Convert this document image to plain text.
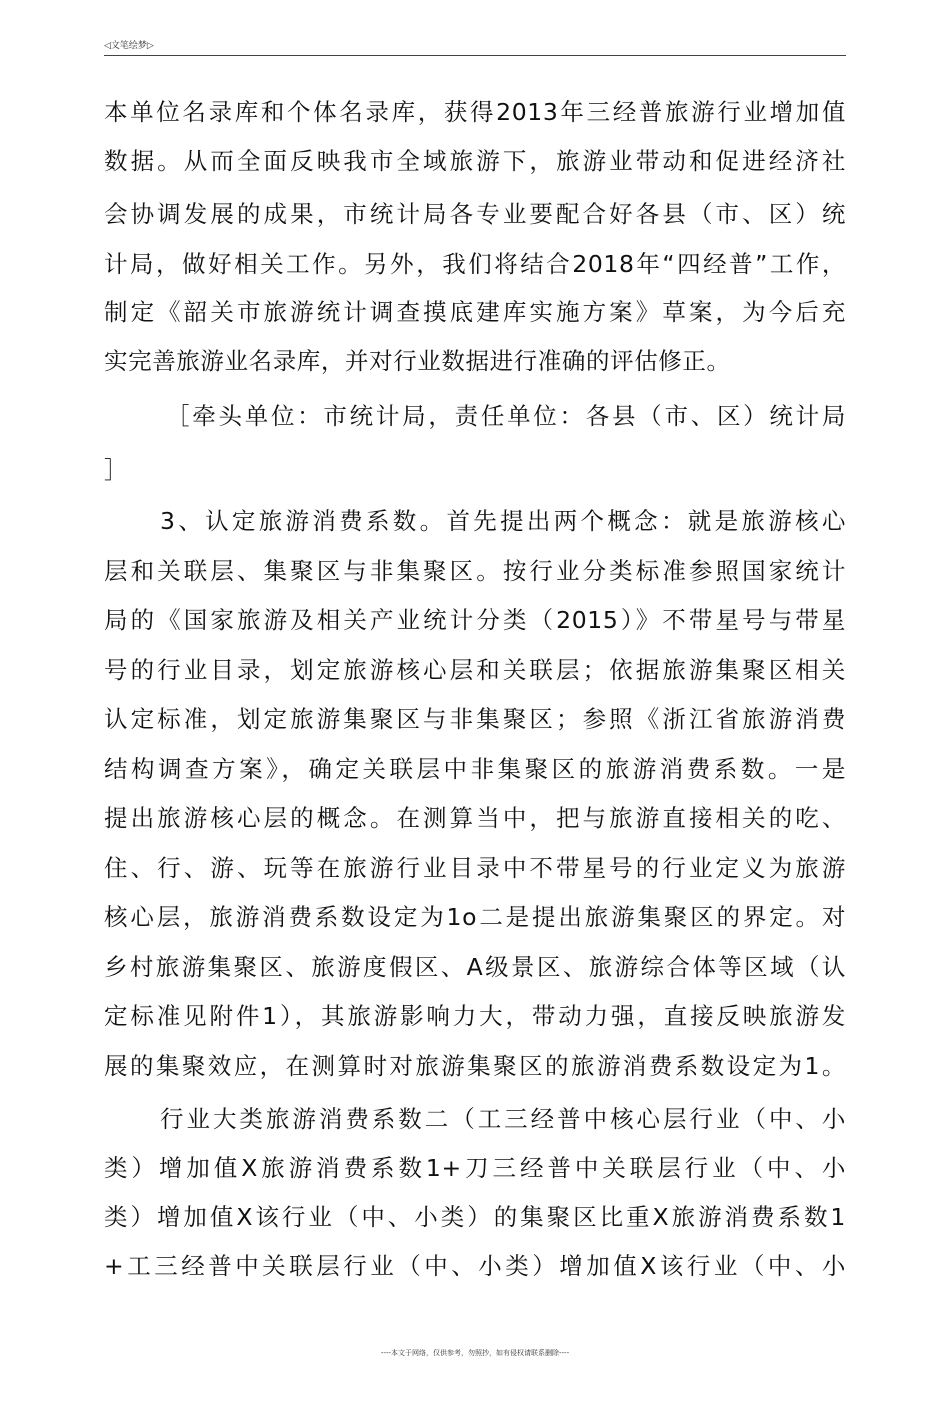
◁文笔绘梦▷
本单位名录库和个体名录库，获得2013年三经普旅游行业增加值
数据。从而全面反映我市全域旅游下，旅游业带动和促进经济社
会协调发展的成果，市统计局各专业要配合好各县（市、区）统
计局，做好相关工作。另外，我们将结合2018年“四经普”工作，
制定《韶关市旅游统计调查摸底建库实施方案》草案，为今后充
实完善旅游业名录库，并对行业数据进行准确的评估修正。
［牵头单位：市统计局，责任单位：各县（市、区）统计局
］
3、认定旅游消费系数。首先提出两个概念：就是旅游核心
层和关联层、集聚区与非集聚区。按行业分类标准参照国家统计
局的《国家旅游及相关产业统计分类（2015）》不带星号与带星
号的行业目录，划定旅游核心层和关联层；依据旅游集聚区相关
认定标准，划定旅游集聚区与非集聚区；参照《浙江省旅游消费
结构调查方案》，确定关联层中非集聚区的旅游消费系数。一是
提出旅游核心层的概念。在测算当中，把与旅游直接相关的吃、
住、行、游、玩等在旅游行业目录中不带星号的行业定义为旅游
核心层，旅游消费系数设定为1o二是提出旅游集聚区的界定。对
乡村旅游集聚区、旅游度假区、A级景区、旅游综合体等区域（认
定标准见附件1），其旅游影响力大，带动力强，直接反映旅游发
展的集聚效应，在测算时对旅游集聚区的旅游消费系数设定为1。
行业大类旅游消费系数二（工三经普中核心层行业（中、小
类）增加值X旅游消费系数1+刀三经普中关联层行业（中、小
类）增加值X该行业（中、小类）的集聚区比重X旅游消费系数1
+工三经普中关联层行业（中、小类）增加值X该行业（中、小
----本文于网络，仅供参考，勿照抄，如有侵权请联系删除----
